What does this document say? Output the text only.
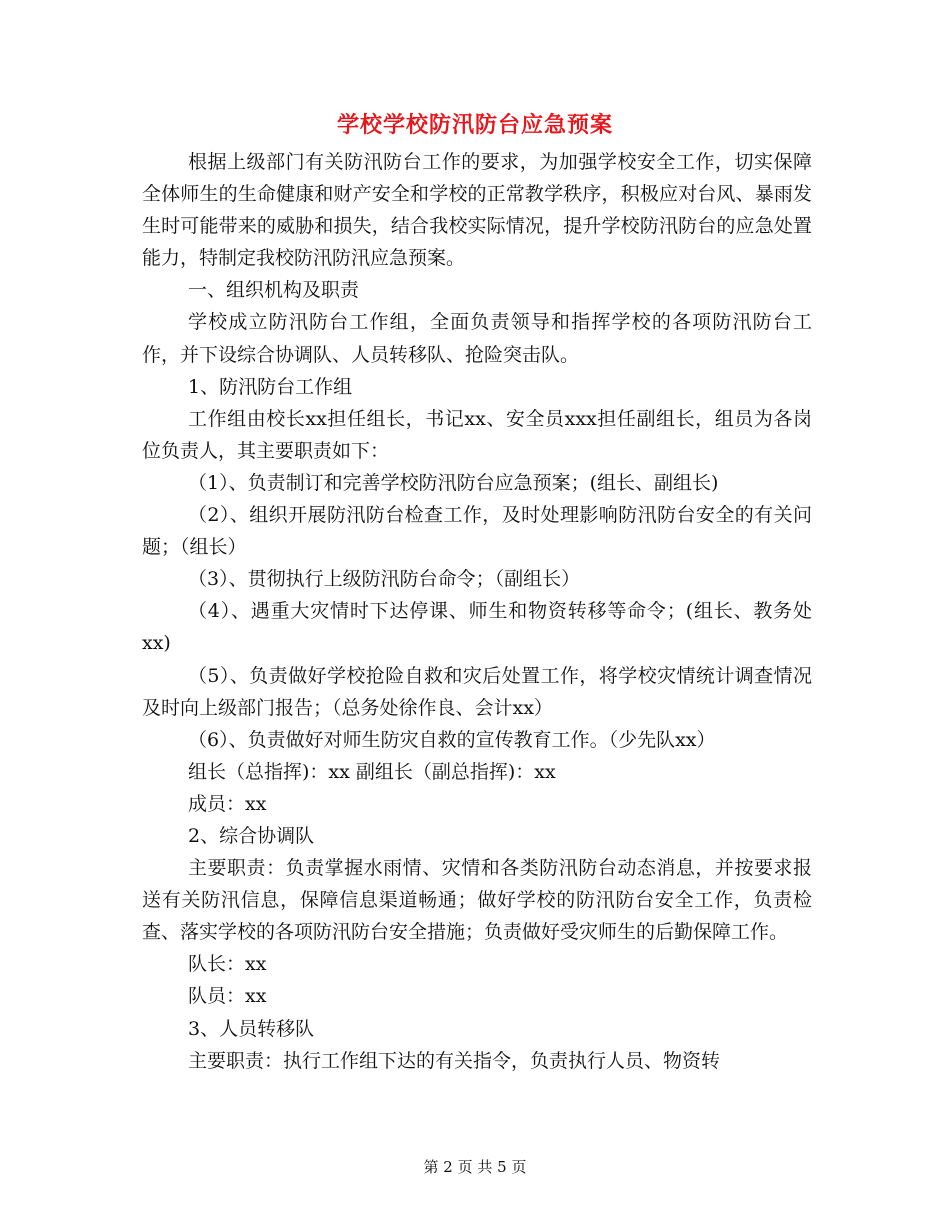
学校学校防汛防台应急预案

根据上级部门有关防汛防台工作的要求，为加强学校安全工作，切实保障全体师生的生命健康和财产安全和学校的正常教学秩序，积极应对台风、暴雨发生时可能带来的威胁和损失，结合我校实际情况，提升学校防汛防台的应急处置能力，特制定我校防汛防汛应急预案。

一、组织机构及职责

学校成立防汛防台工作组，全面负责领导和指挥学校的各项防汛防台工作，并下设综合协调队、人员转移队、抢险突击队。

1、防汛防台工作组

工作组由校长xx担任组长，书记xx、安全员xxx担任副组长，组员为各岗位负责人，其主要职责如下：

（1）、负责制订和完善学校防汛防台应急预案；(组长、副组长)

（2）、组织开展防汛防台检查工作，及时处理影响防汛防台安全的有关问题；（组长）

（3）、贯彻执行上级防汛防台命令；（副组长）

（4）、遇重大灾情时下达停课、师生和物资转移等命令；(组长、教务处xx)

（5）、负责做好学校抢险自救和灾后处置工作，将学校灾情统计调查情况及时向上级部门报告；（总务处徐作良、会计xx）

（6）、负责做好对师生防灾自救的宣传教育工作。（少先队xx）

组长（总指挥)：xx 副组长（副总指挥)：xx

成员：xx

2、综合协调队

主要职责：负责掌握水雨情、灾情和各类防汛防台动态消息，并按要求报送有关防汛信息，保障信息渠道畅通；做好学校的防汛防台安全工作，负责检查、落实学校的各项防汛防台安全措施；负责做好受灾师生的后勤保障工作。

队长：xx

队员：xx

3、人员转移队

主要职责：执行工作组下达的有关指令，负责执行人员、物资转

第 2 页 共 5 页
